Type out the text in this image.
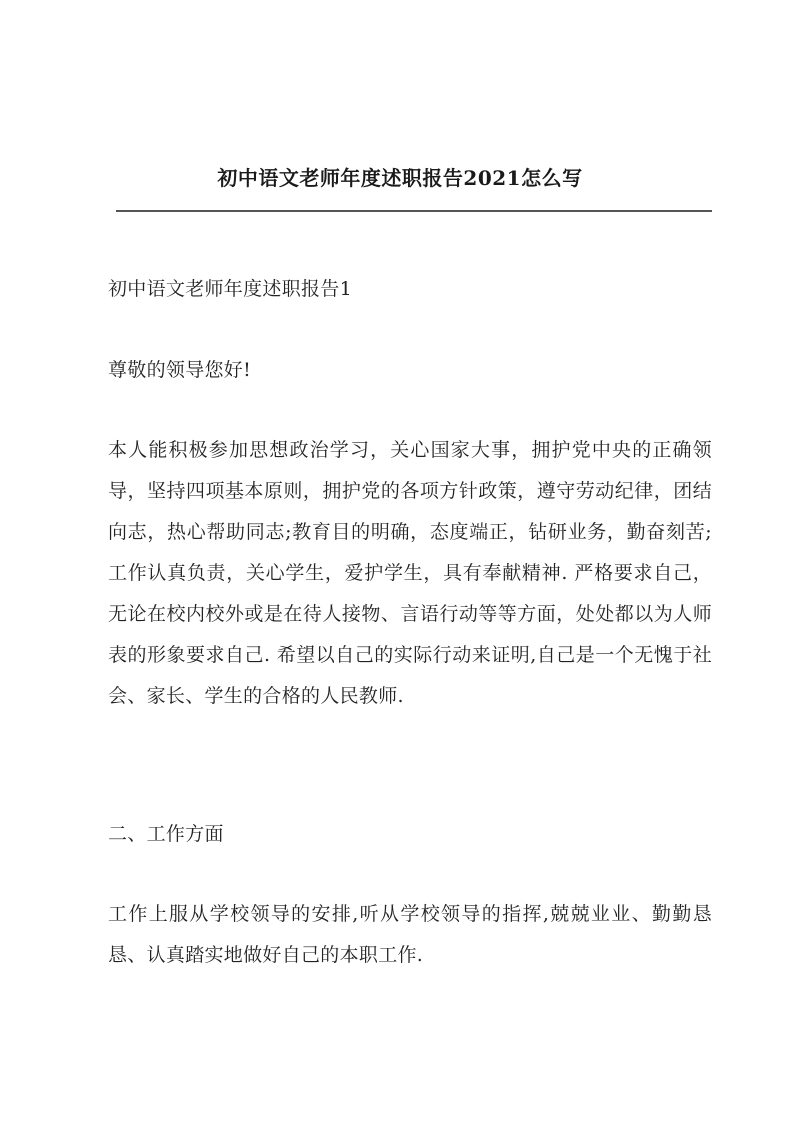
初中语文老师年度述职报告2021怎么写

初中语文老师年度述职报告1

尊敬的领导您好!

本人能积极参加思想政治学习，关心国家大事，拥护党中央的正确领导，坚持四项基本原则，拥护党的各项方针政策，遵守劳动纪律，团结向志，热心帮助同志;教育目的明确，态度端正，钻研业务，勤奋刻苦;工作认真负责，关心学生，爱护学生，具有奉献精神. 严格要求自己，无论在校内校外或是在待人接物、言语行动等等方面，处处都以为人师表的形象要求自己. 希望以自己的实际行动来证明,自己是一个无愧于社会、家长、学生的合格的人民教师.

二、工作方面

工作上服从学校领导的安排,听从学校领导的指挥,兢兢业业、勤勤恳恳、认真踏实地做好自己的本职工作.
